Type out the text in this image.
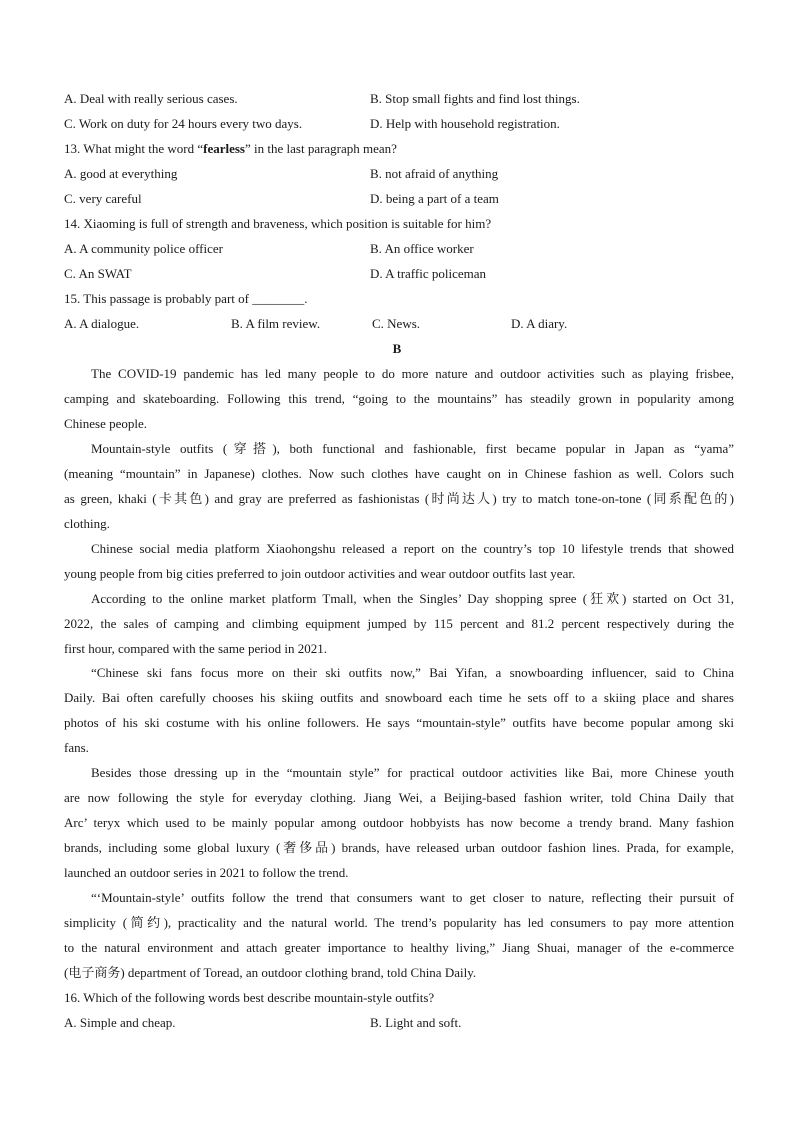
A. Deal with really serious cases.	B. Stop small fights and find lost things.
C. Work on duty for 24 hours every two days.	D. Help with household registration.
13. What might the word “fearless” in the last paragraph mean?
A. good at everything	B. not afraid of anything
C. very careful	D. being a part of a team
14. Xiaoming is full of strength and braveness, which position is suitable for him?
A. A community police officer	B. An office worker
C. An SWAT	D. A traffic policeman
15. This passage is probably part of ________.
A. A dialogue.	B. A film review.	C. News.	D. A diary.
B
The COVID-19 pandemic has led many people to do more nature and outdoor activities such as playing frisbee,
camping and skateboarding. Following this trend, “going to the mountains” has steadily grown in popularity among
Chinese people.
Mountain-style outfits (穿搭), both functional and fashionable, first became popular in Japan as “yama”
(meaning “mountain” in Japanese) clothes. Now such clothes have caught on in Chinese fashion as well. Colors such
as green, khaki (卡其色) and gray are preferred as fashionistas (时尚达人) try to match tone-on-tone (同系配色的)
clothing.
Chinese social media platform Xiaohongshu released a report on the country’s top 10 lifestyle trends that showed
young people from big cities preferred to join outdoor activities and wear outdoor outfits last year.
According to the online market platform Tmall, when the Singles’ Day shopping spree (狂欢) started on Oct 31,
2022, the sales of camping and climbing equipment jumped by 115 percent and 81.2 percent respectively during the
first hour, compared with the same period in 2021.
“Chinese ski fans focus more on their ski outfits now,” Bai Yifan, a snowboarding influencer, said to China
Daily. Bai often carefully chooses his skiing outfits and snowboard each time he sets off to a skiing place and shares
photos of his ski costume with his online followers. He says “mountain-style” outfits have become popular among ski
fans.
Besides those dressing up in the “mountain style” for practical outdoor activities like Bai, more Chinese youth
are now following the style for everyday clothing. Jiang Wei, a Beijing-based fashion writer, told China Daily that
Arc’ teryx which used to be mainly popular among outdoor hobbyists has now become a trendy brand. Many fashion
brands, including some global luxury (奢侈品) brands, have released urban outdoor fashion lines. Prada, for example,
launched an outdoor series in 2021 to follow the trend.
“‘Mountain-style’ outfits follow the trend that consumers want to get closer to nature, reflecting their pursuit of
simplicity (简约), practicality and the natural world. The trend’s popularity has led consumers to pay more attention
to the natural environment and attach greater importance to healthy living,” Jiang Shuai, manager of the e-commerce
(电子商务) department of Toread, an outdoor clothing brand, told China Daily.
16. Which of the following words best describe mountain-style outfits?
A. Simple and cheap.	B. Light and soft.
